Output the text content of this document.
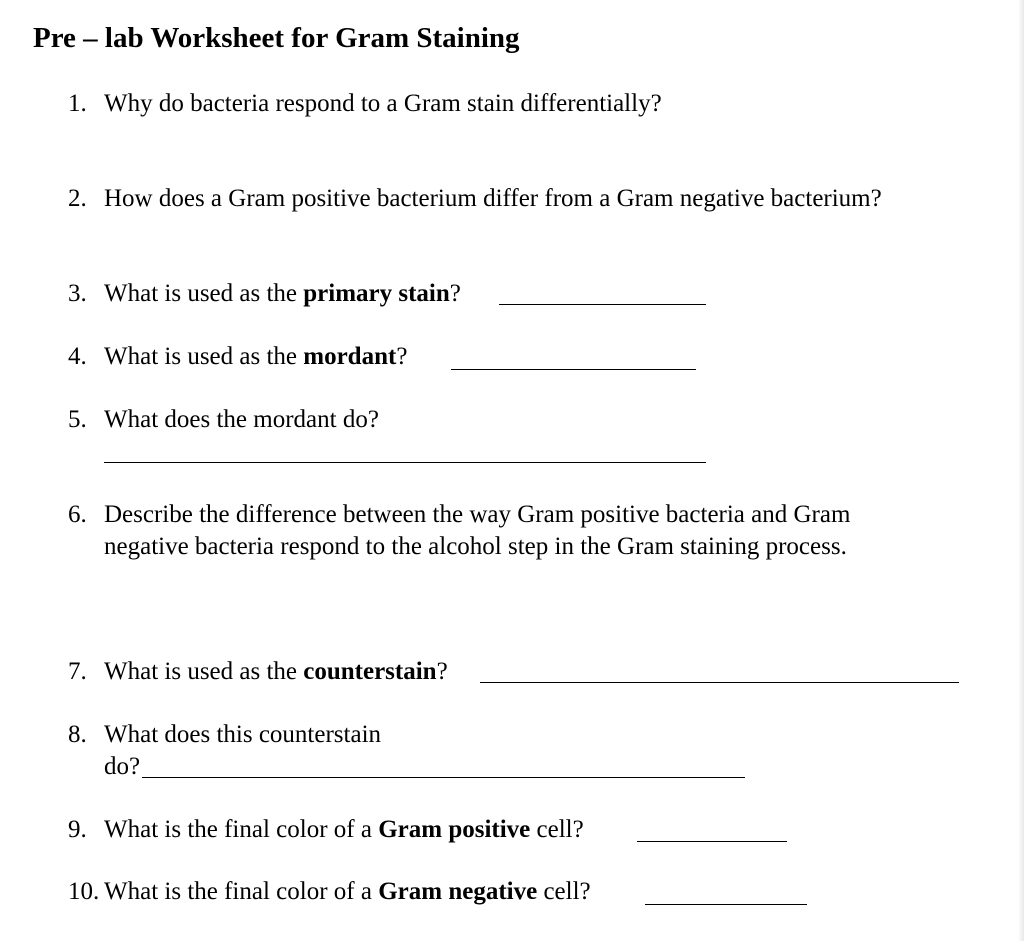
Pre – lab Worksheet for Gram Staining
1. Why do bacteria respond to a Gram stain differentially?
2. How does a Gram positive bacterium differ from a Gram negative bacterium?
3. What is used as the primary stain?
4. What is used as the mordant?
5. What does the mordant do?
6. Describe the difference between the way Gram positive bacteria and Gram
negative bacteria respond to the alcohol step in the Gram staining process.
7. What is used as the counterstain?
8. What does this counterstain
do?
9. What is the final color of a Gram positive cell?
10. What is the final color of a Gram negative cell?
